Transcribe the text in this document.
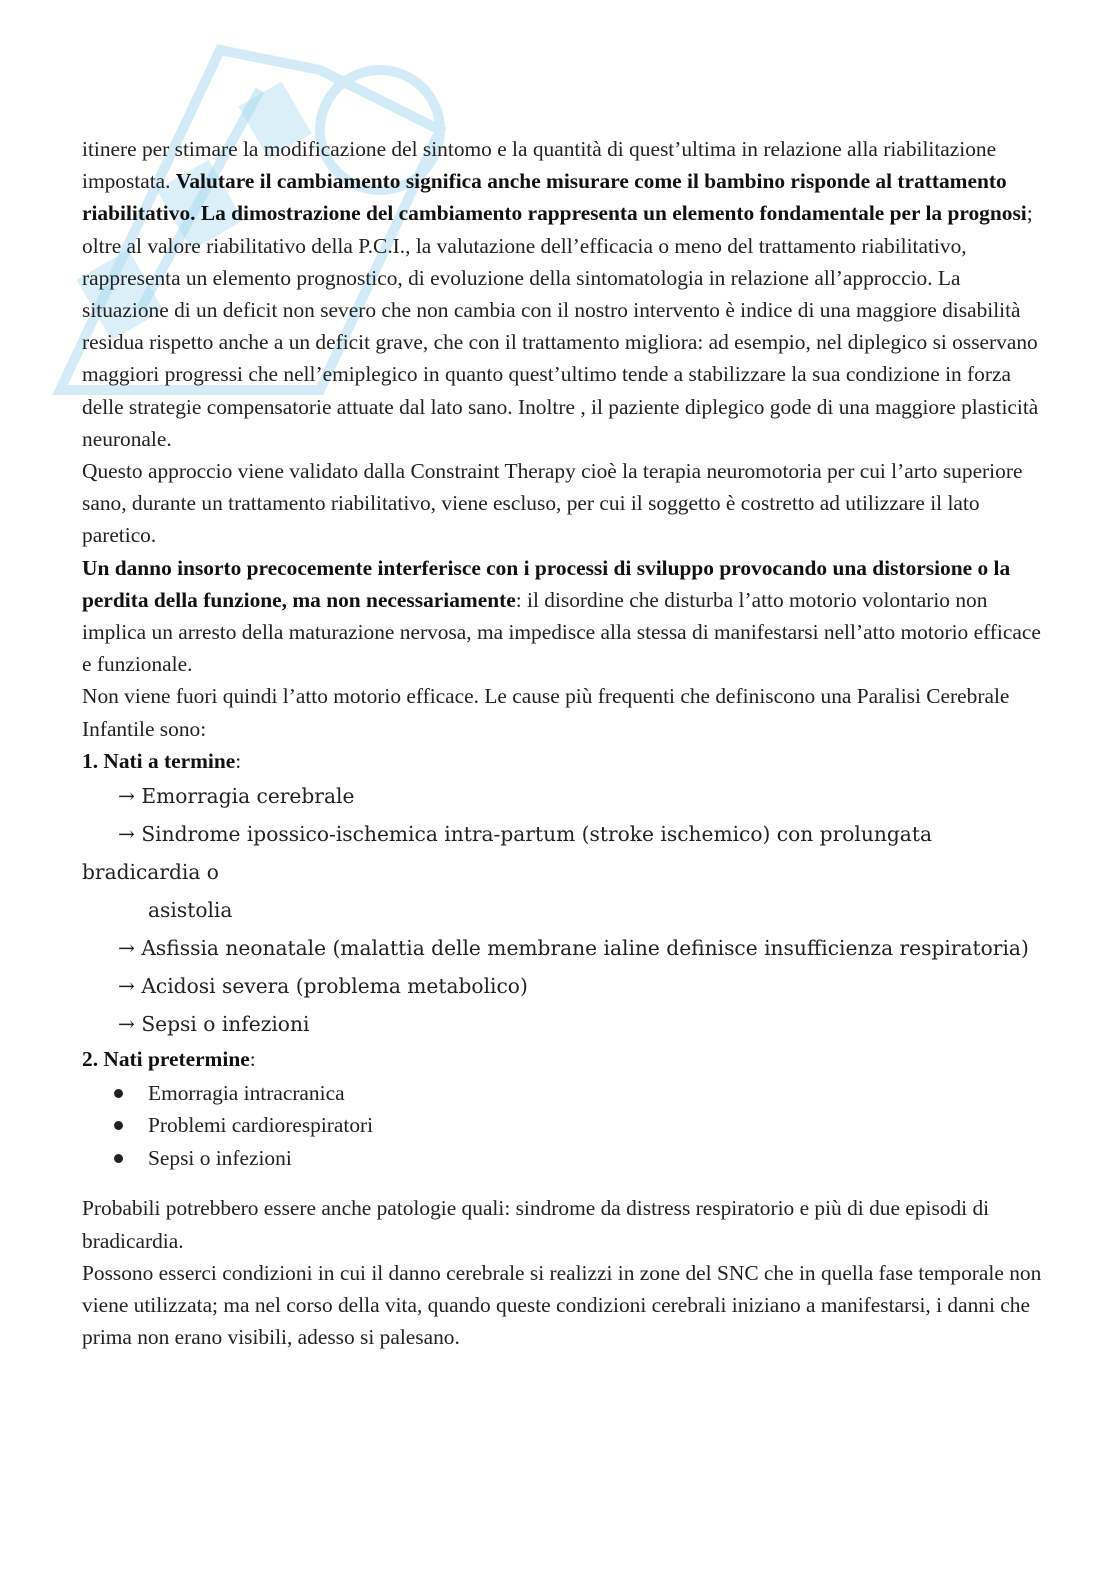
itinere per stimare la modificazione del sintomo e la quantità di quest’ultima in relazione alla riabilitazione impostata. Valutare il cambiamento significa anche misurare come il bambino risponde al trattamento riabilitativo. La dimostrazione del cambiamento rappresenta un elemento fondamentale per la prognosi; oltre al valore riabilitativo della P.C.I., la valutazione dell’efficacia o meno del trattamento riabilitativo, rappresenta un elemento prognostico, di evoluzione della sintomatologia in relazione all’approccio. La situazione di un deficit non severo che non cambia con il nostro intervento è indice di una maggiore disabilità residua rispetto anche a un deficit grave, che con il trattamento migliora: ad esempio, nel diplegico si osservano maggiori progressi che nell’emiplegico in quanto quest’ultimo tende a stabilizzare la sua condizione in forza delle strategie compensatorie attuate dal lato sano. Inoltre , il paziente diplegico gode di una maggiore plasticità neuronale.

Questo approccio viene validato dalla Constraint Therapy cioè la terapia neuromotoria per cui l’arto superiore sano, durante un trattamento riabilitativo, viene escluso, per cui il soggetto è costretto ad utilizzare il lato paretico.

Un danno insorto precocemente interferisce con i processi di sviluppo provocando una distorsione o la perdita della funzione, ma non necessariamente: il disordine che disturba l’atto motorio volontario non implica un arresto della maturazione nervosa, ma impedisce alla stessa di manifestarsi nell’atto motorio efficace e funzionale.

Non viene fuori quindi l’atto motorio efficace. Le cause più frequenti che definiscono una Paralisi Cerebrale Infantile sono:

1. Nati a termine:
→ Emorragia cerebrale
→ Sindrome ipossico-ischemica intra-partum (stroke ischemico) con prolungata
bradicardia o
asistolia
→ Asfissia neonatale (malattia delle membrane ialine definisce insufficienza respiratoria)
→ Acidosi severa (problema metabolico)
→ Sepsi o infezioni
2. Nati pretermine:
Emorragia intracranica
Problemi cardiorespiratori
Sepsi o infezioni

Probabili potrebbero essere anche patologie quali: sindrome da distress respiratorio e più di due episodi di bradicardia.

Possono esserci condizioni in cui il danno cerebrale si realizzi in zone del SNC che in quella fase temporale non viene utilizzata; ma nel corso della vita, quando queste condizioni cerebrali iniziano a manifestarsi, i danni che prima non erano visibili, adesso si palesano.
